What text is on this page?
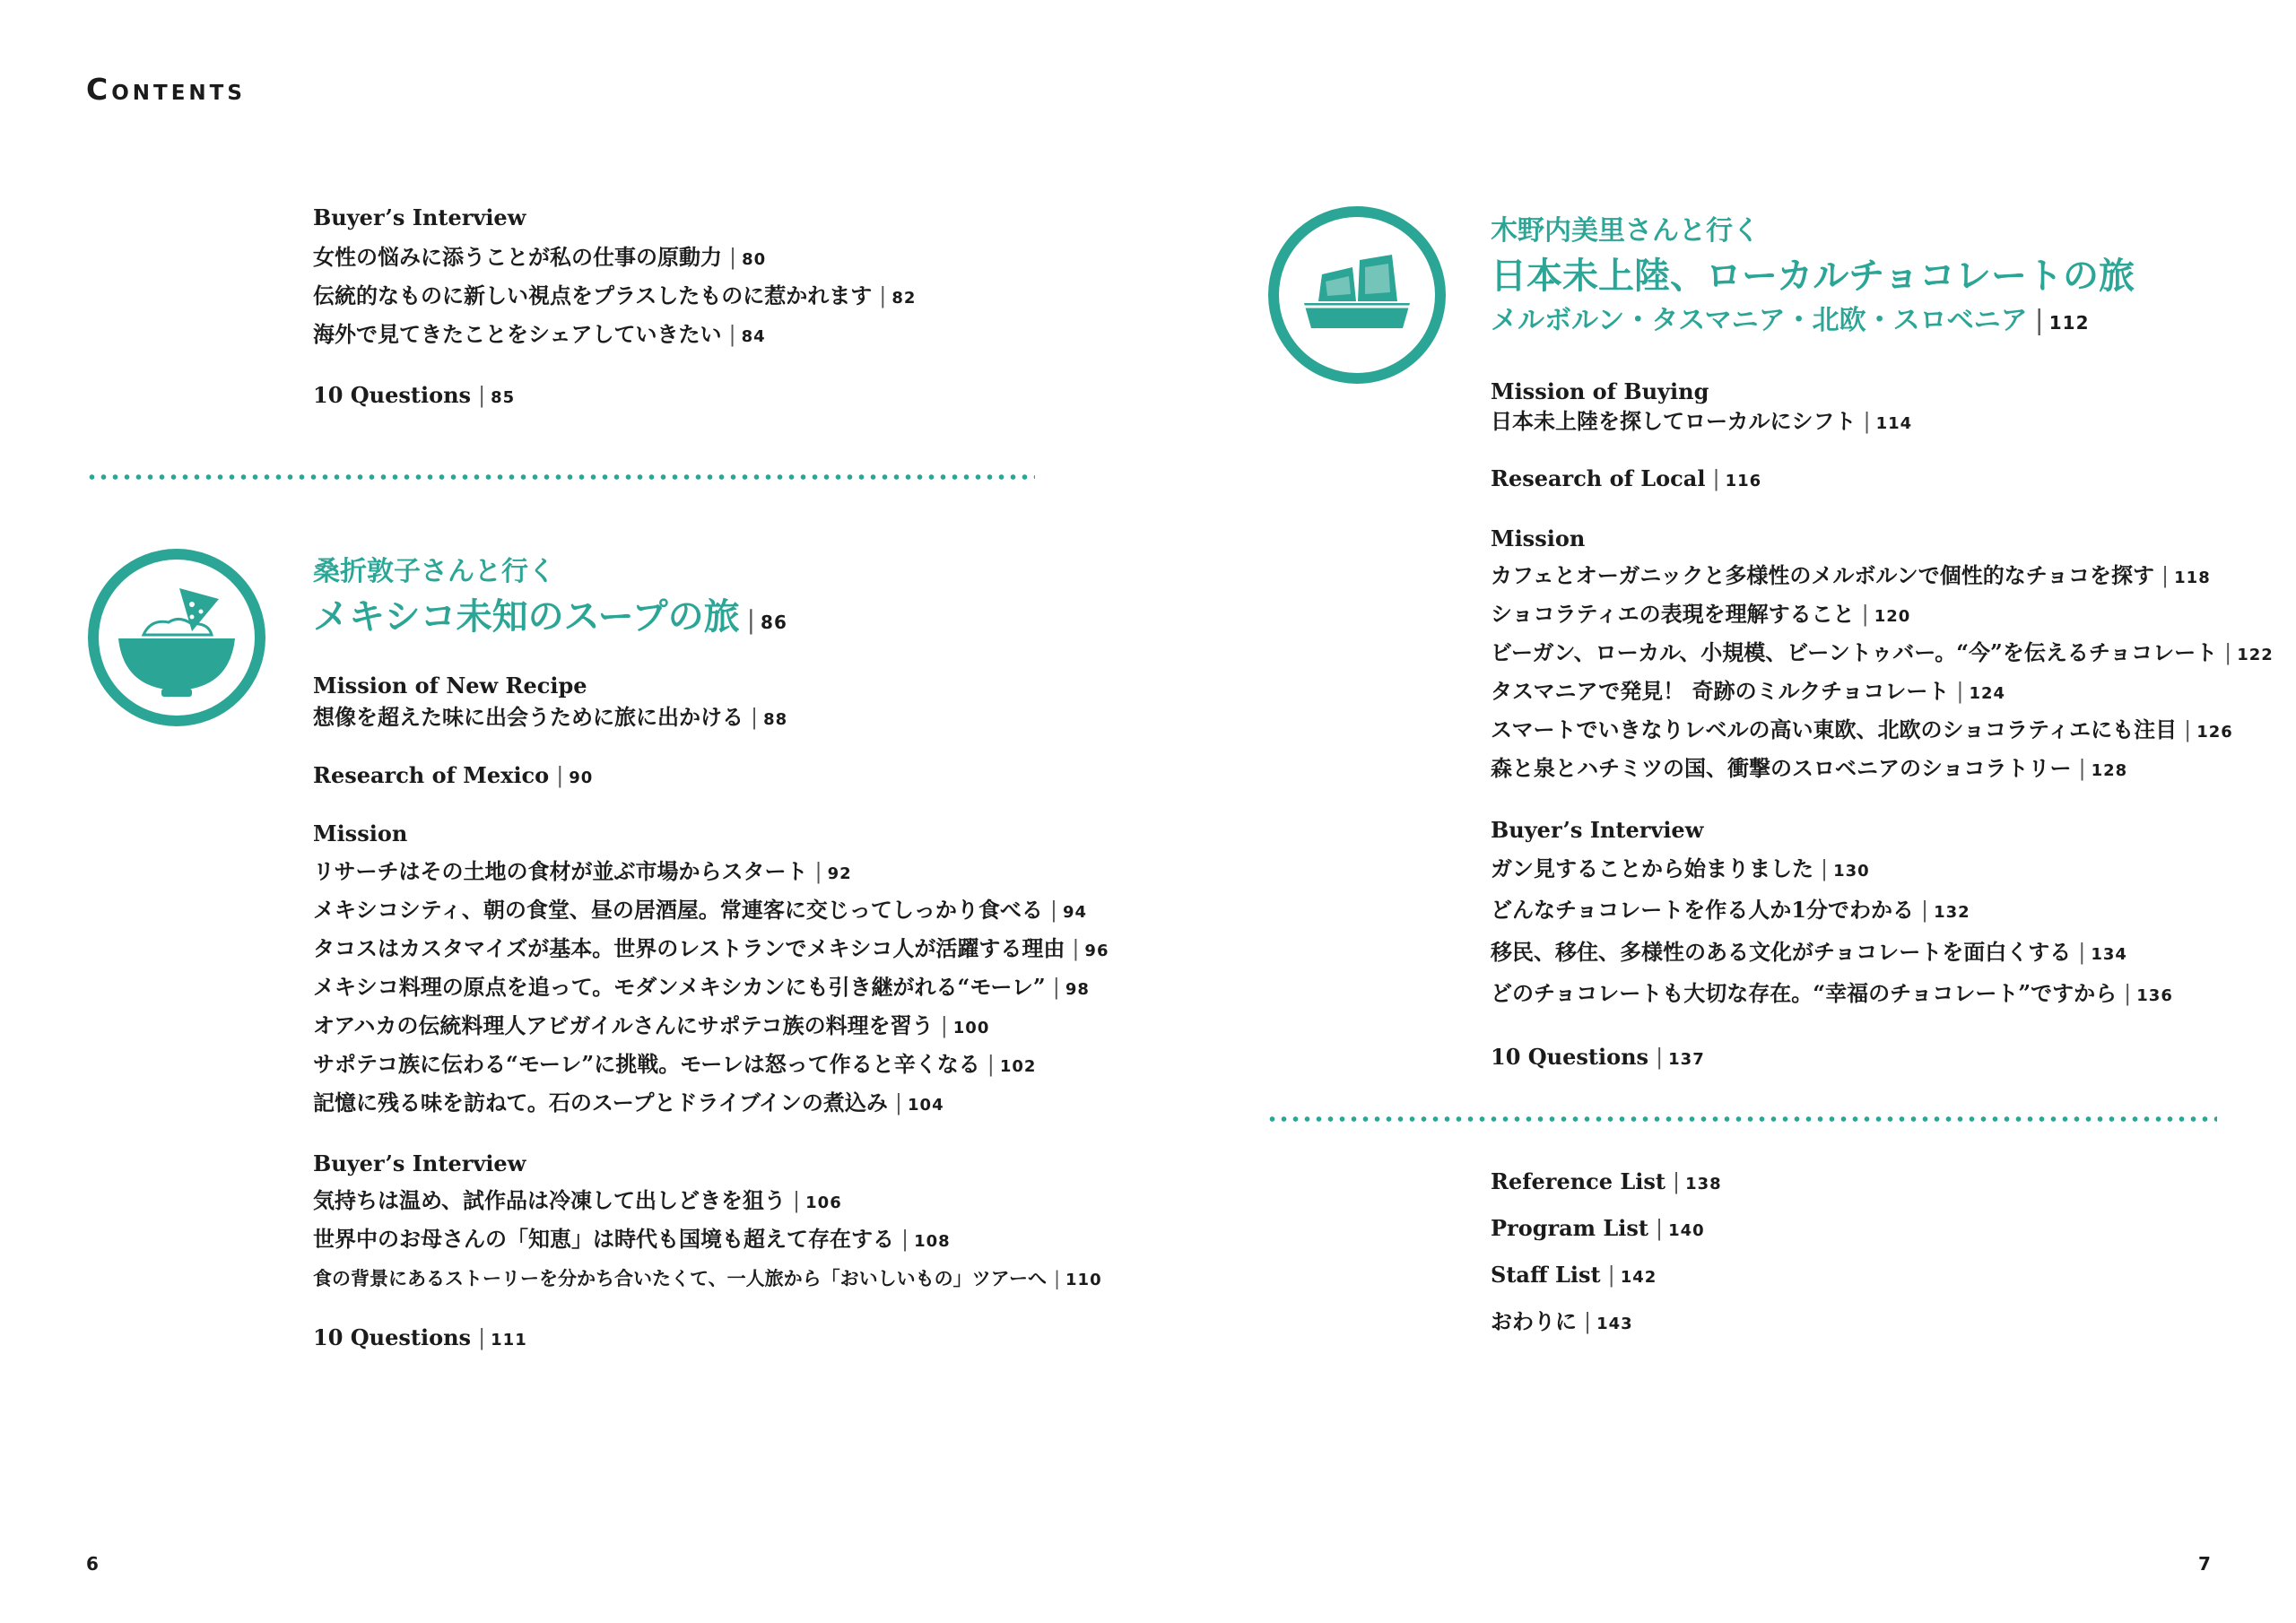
Contents
Buyer’s Interview
女性の悩みに添うことが私の仕事の原動力 | 80
伝統的なものに新しい視点をプラスしたものに惹かれます | 82
海外で見てきたことをシェアしていきたい | 84
10 Questions | 85
桑折敦子さんと行く
メキシコ未知のスープの旅 | 86
Mission of New Recipe
想像を超えた味に出会うために旅に出かける | 88
Research of Mexico | 90
Mission
リサーチはその土地の食材が並ぶ市場からスタート | 92
メキシコシティ、朝の食堂、昼の居酒屋。常連客に交じってしっかり食べる | 94
タコスはカスタマイズが基本。世界のレストランでメキシコ人が活躍する理由 | 96
メキシコ料理の原点を追って。モダンメキシカンにも引き継がれる“モーレ” | 98
オアハカの伝統料理人アビガイルさんにサポテコ族の料理を習う | 100
サポテコ族に伝わる“モーレ”に挑戦。モーレは怒って作ると辛くなる | 102
記憶に残る味を訪ねて。石のスープとドライブインの煮込み | 104
Buyer’s Interview
気持ちは温め、試作品は冷凍して出しどきを狙う | 106
世界中のお母さんの「知恵」は時代も国境も超えて存在する | 108
食の背景にあるストーリーを分かち合いたくて、一人旅から「おいしいもの」ツアーへ | 110
10 Questions | 111
6
木野内美里さんと行く
日本未上陸、ローカルチョコレートの旅
メルボルン・タスマニア・北欧・スロベニア | 112
Mission of Buying
日本未上陸を探してローカルにシフト | 114
Research of Local | 116
Mission
カフェとオーガニックと多様性のメルボルンで個性的なチョコを探す | 118
ショコラティエの表現を理解すること | 120
ビーガン、ローカル、小規模、ビーントゥバー。“今”を伝えるチョコレート | 122
タスマニアで発見！ 奇跡のミルクチョコレート | 124
スマートでいきなりレベルの高い東欧、北欧のショコラティエにも注目 | 126
森と泉とハチミツの国、衝撃のスロベニアのショコラトリー | 128
Buyer’s Interview
ガン見することから始まりました | 130
どんなチョコレートを作る人か1分でわかる | 132
移民、移住、多様性のある文化がチョコレートを面白くする | 134
どのチョコレートも大切な存在。“幸福のチョコレート”ですから | 136
10 Questions | 137
Reference List | 138
Program List | 140
Staff List | 142
おわりに | 143
7
